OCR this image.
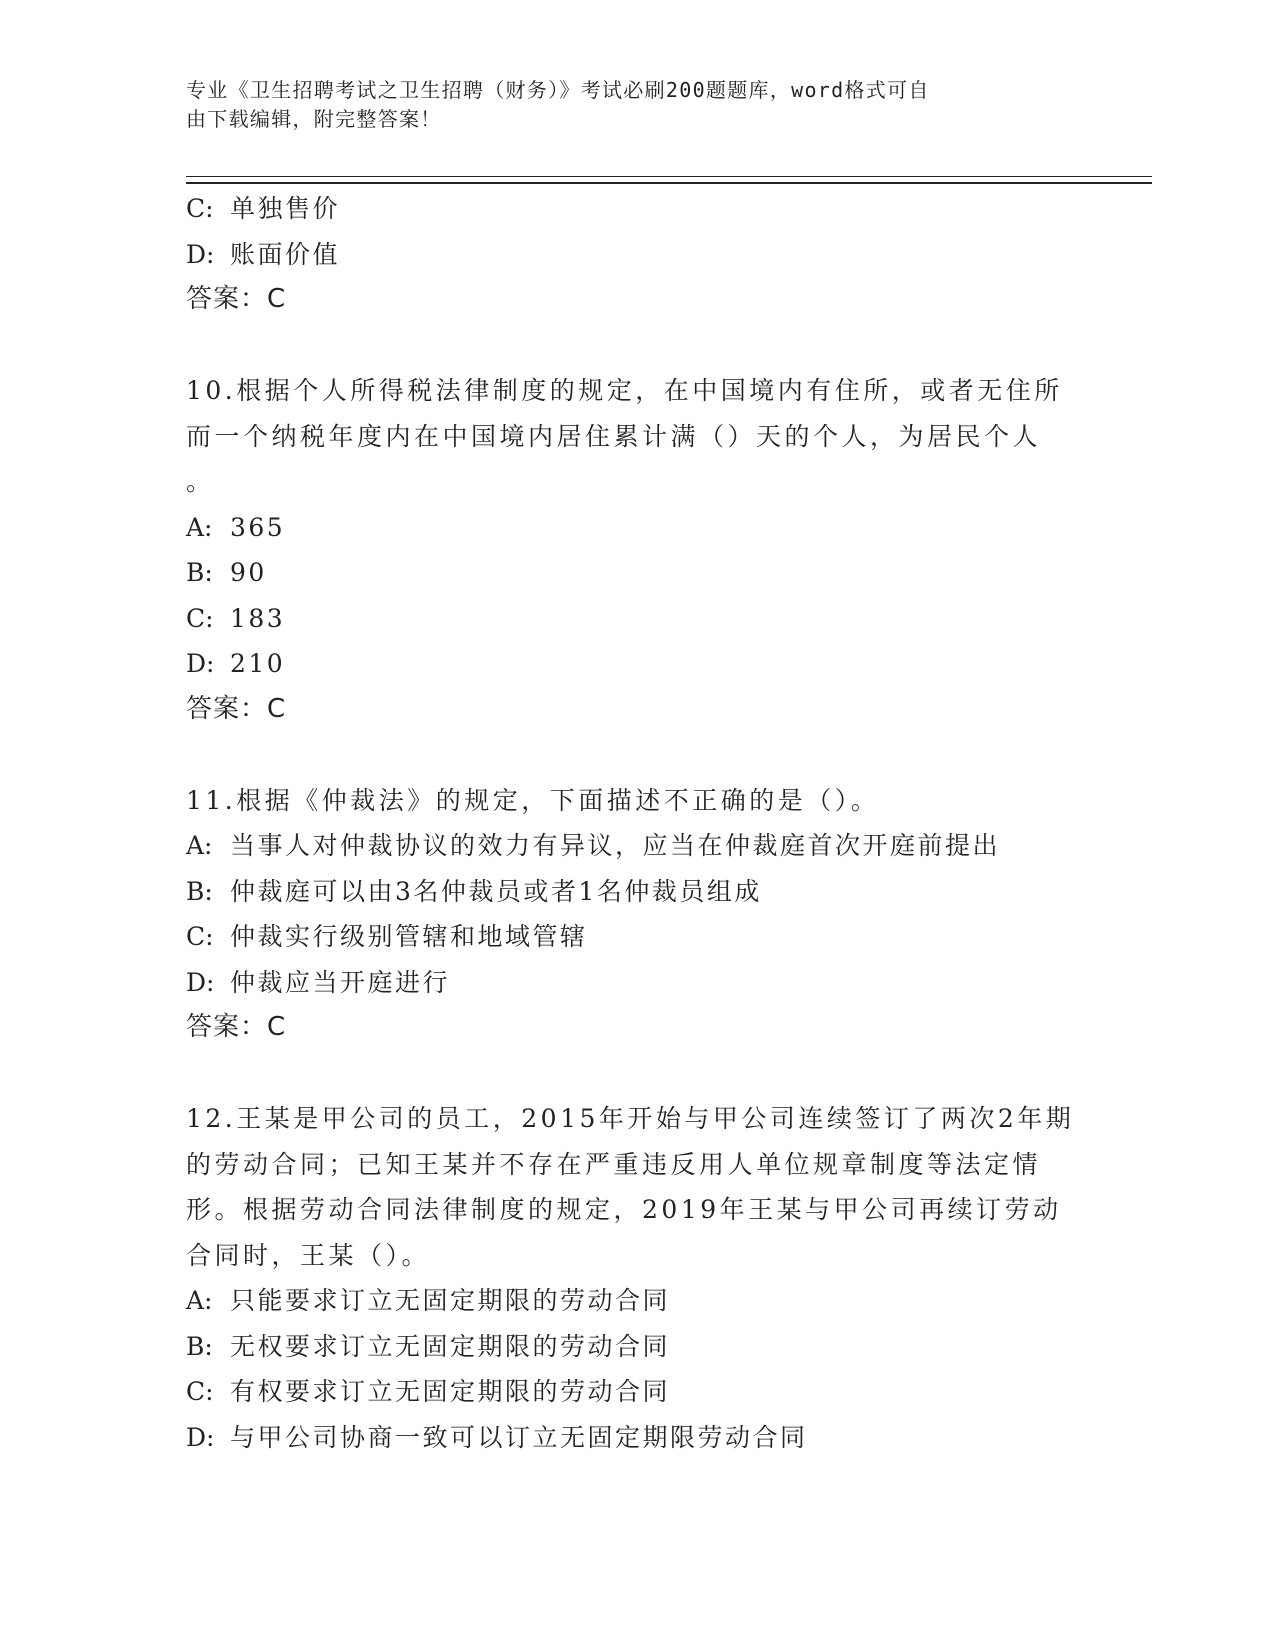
专业《卫生招聘考试之卫生招聘（财务）》考试必刷200题题库，word格式可自
由下载编辑，附完整答案！
C: 单独售价
D: 账面价值
答案：C
10.根据个人所得税法律制度的规定，在中国境内有住所，或者无住所
而一个纳税年度内在中国境内居住累计满（）天的个人，为居民个人
。
A: 365
B: 90
C: 183
D: 210
答案：C
11.根据《仲裁法》的规定，下面描述不正确的是（）。
A: 当事人对仲裁协议的效力有异议，应当在仲裁庭首次开庭前提出
B: 仲裁庭可以由3名仲裁员或者1名仲裁员组成
C: 仲裁实行级别管辖和地域管辖
D: 仲裁应当开庭进行
答案：C
12.王某是甲公司的员工，2015年开始与甲公司连续签订了两次2年期
的劳动合同；已知王某并不存在严重违反用人单位规章制度等法定情
形。根据劳动合同法律制度的规定，2019年王某与甲公司再续订劳动
合同时，王某（）。
A: 只能要求订立无固定期限的劳动合同
B: 无权要求订立无固定期限的劳动合同
C: 有权要求订立无固定期限的劳动合同
D: 与甲公司协商一致可以订立无固定期限劳动合同
